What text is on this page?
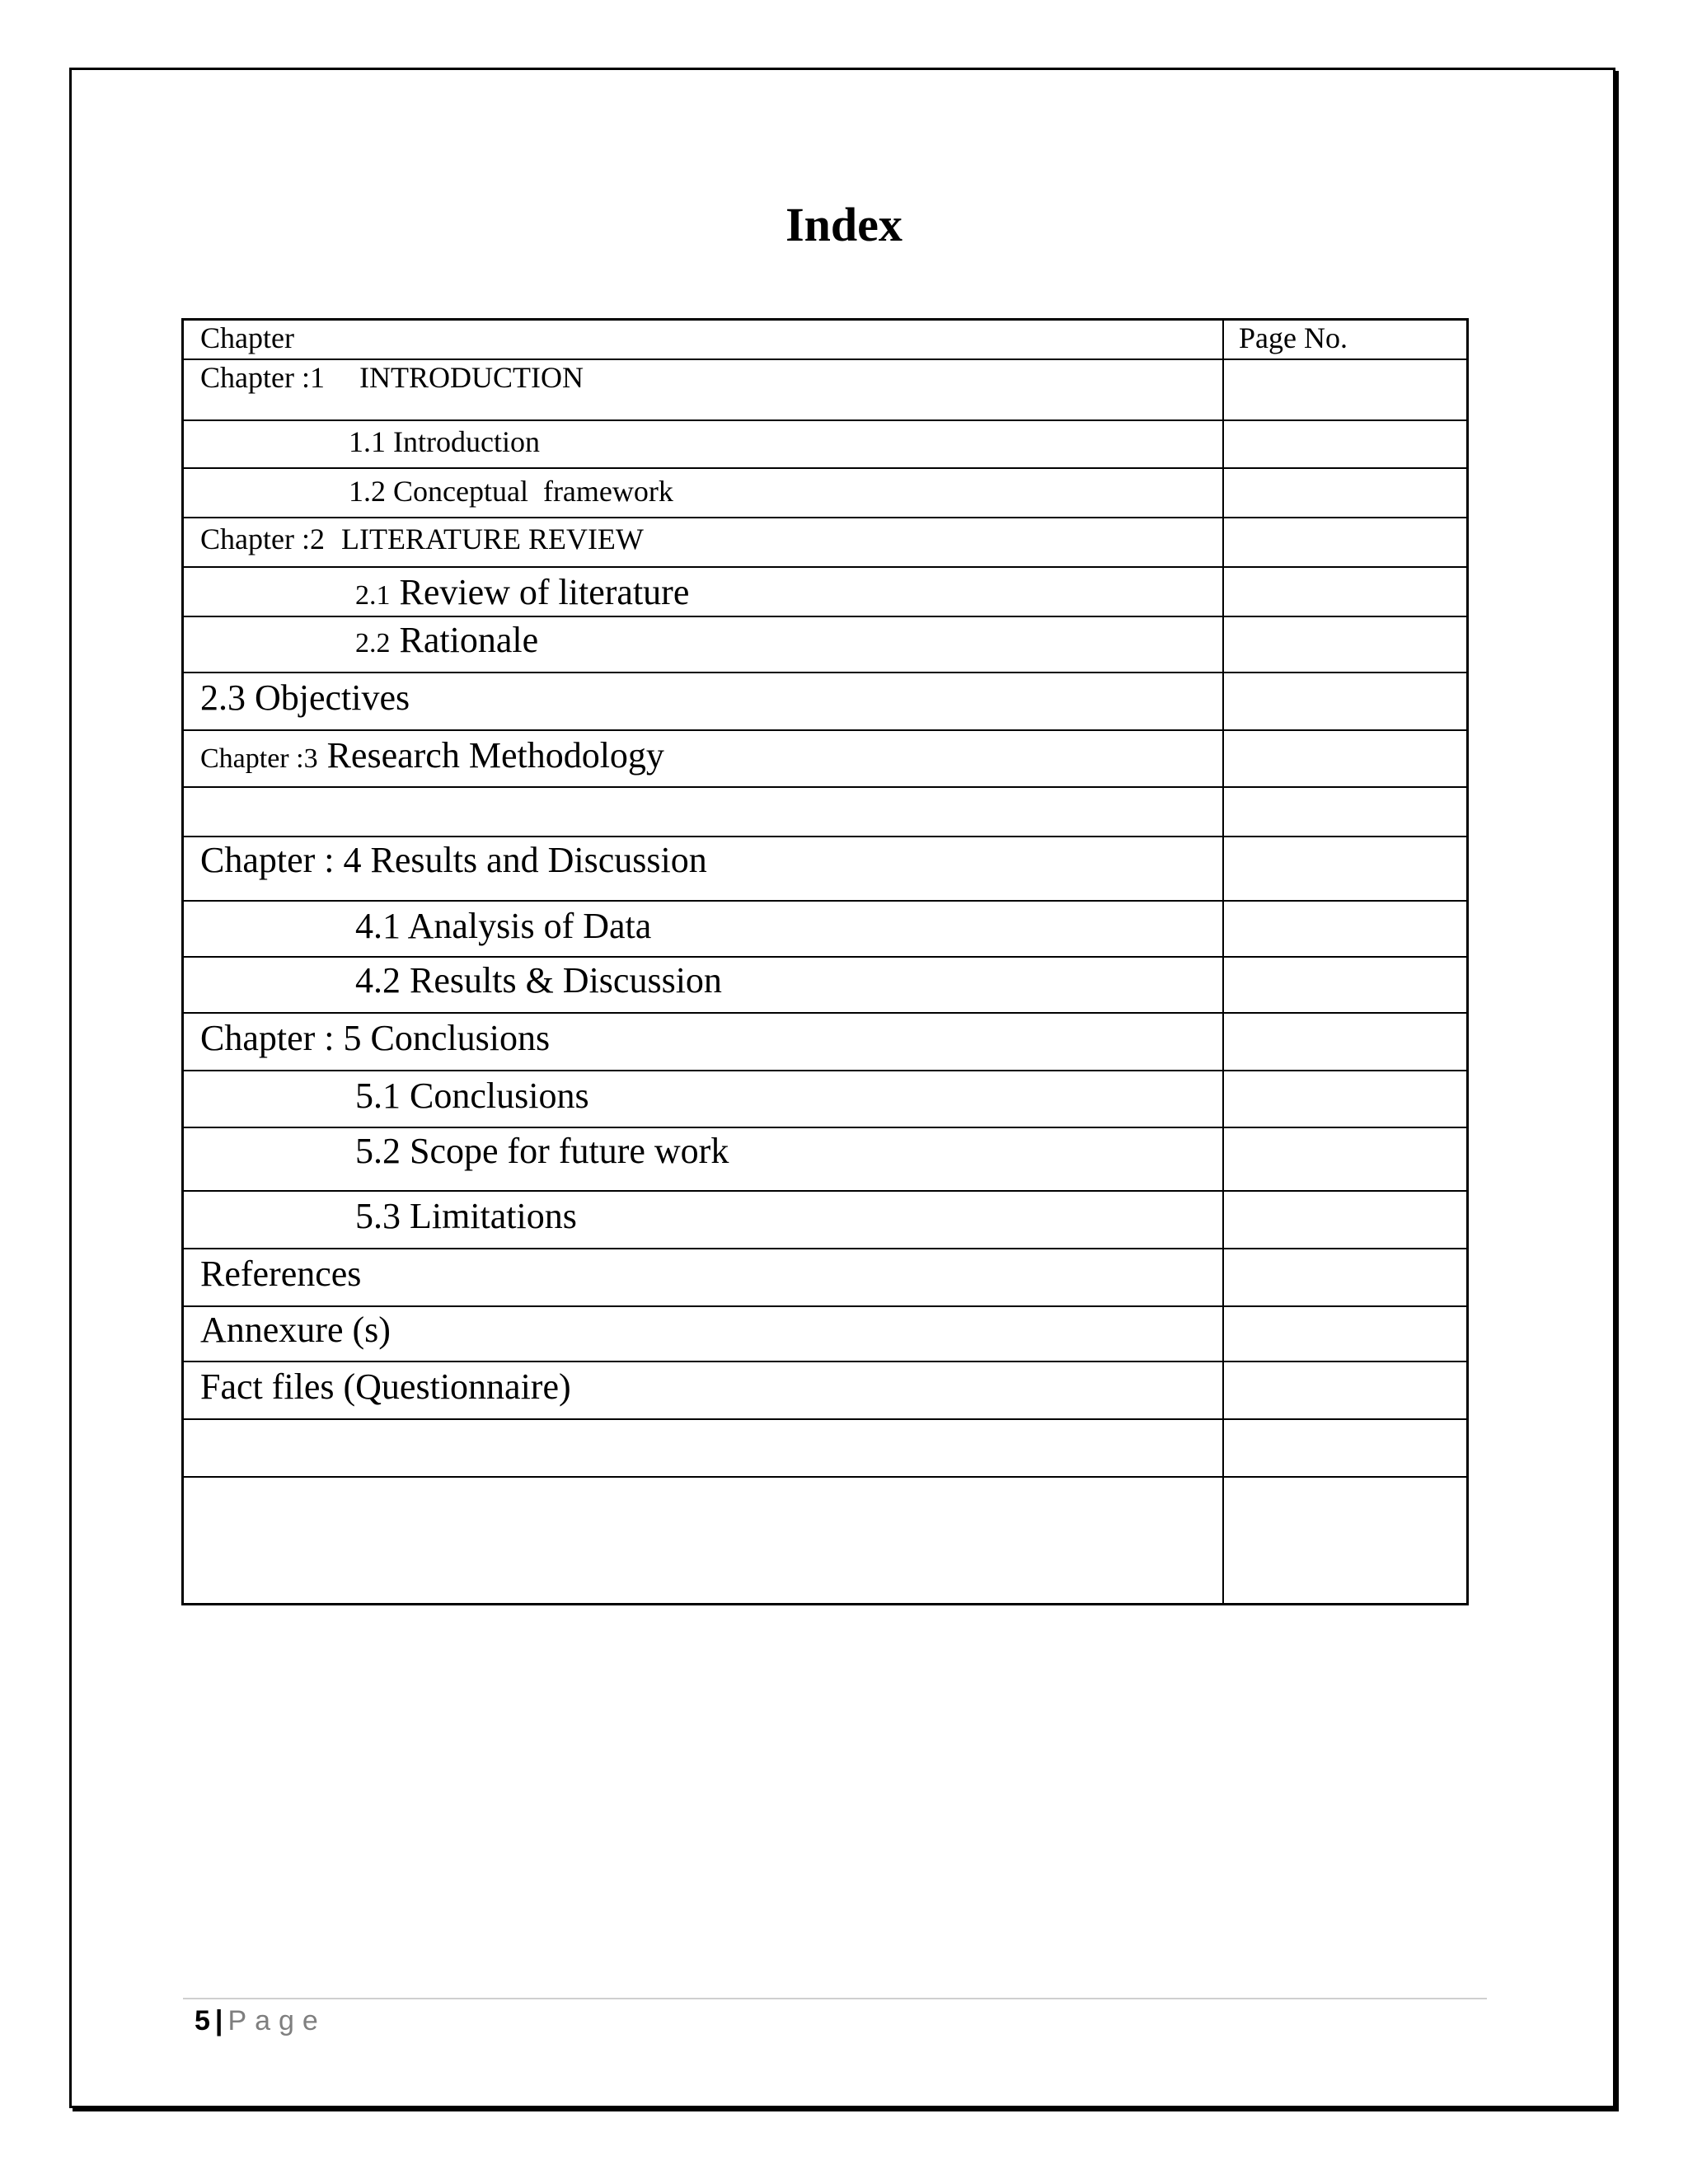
Index
Chapter	Page No.
Chapter :1 INTRODUCTION
1.1 Introduction
1.2 Conceptual  framework
Chapter :2 LITERATURE REVIEW
2.1 Review of literature
2.2 Rationale
2.3 Objectives
Chapter :3 Research Methodology
Chapter : 4 Results and Discussion
4.1 Analysis of Data
4.2 Results & Discussion
Chapter : 5 Conclusions
5.1 Conclusions
5.2 Scope for future work
5.3 Limitations
References
Annexure (s)
Fact files (Questionnaire)
5 | Page
